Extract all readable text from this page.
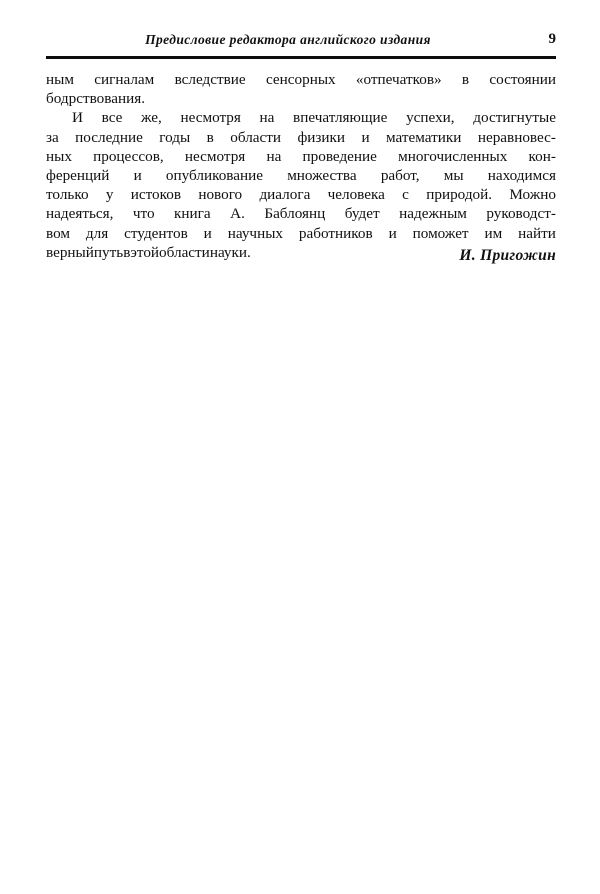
Предисловие редактора английского издания	9
ным сигналам вследствие сенсорных «отпечатков» в состоянии
бодрствования.
И все же, несмотря на впечатляющие успехи, достигнутые
за последние годы в области физики и математики неравновес-
ных процессов, несмотря на проведение многочисленных кон-
ференций и опубликование множества работ, мы находимся
только у истоков нового диалога человека с природой. Можно
надеяться, что книга А. Баблоянц будет надежным руководст-
вом для студентов и научных работников и поможет им найти
верный путь в этой области науки.	И. Пригожин
